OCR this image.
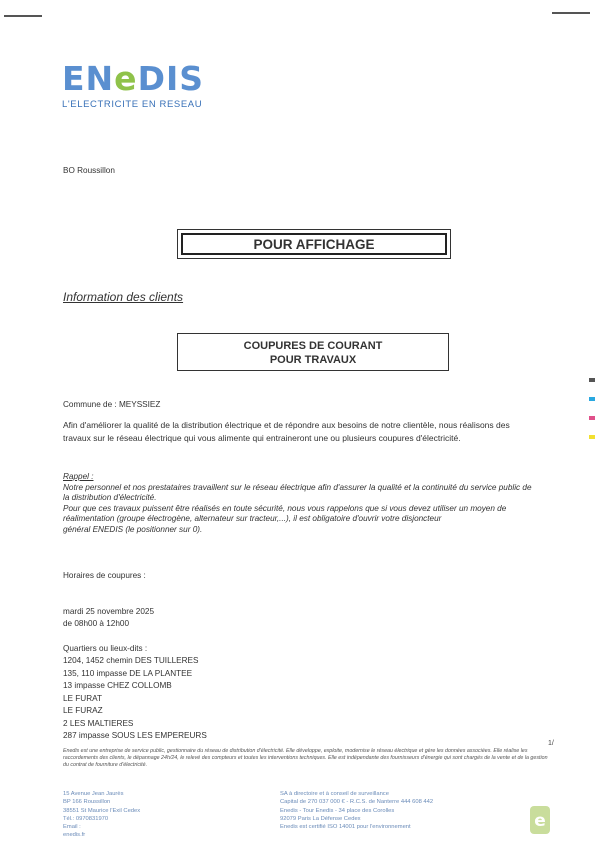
ENeDIS
L'ELECTRICITE EN RESEAU
BO Roussillon
POUR AFFICHAGE
Information des clients
COUPURES DE COURANT
POUR TRAVAUX
Commune de : MEYSSIEZ
Afin d'améliorer la qualité de la distribution électrique et de répondre aux besoins de notre clientèle, nous réalisons des travaux sur le réseau électrique qui vous alimente qui entraineront une ou plusieurs coupures d'électricité.
Rappel :
Notre personnel et nos prestataires travaillent sur le réseau électrique afin d'assurer la qualité et la continuité du service public de la distribution d'électricité.
Pour que ces travaux puissent être réalisés en toute sécurité, nous vous rappelons que si vous devez utiliser un moyen de réalimentation (groupe électrogène, alternateur sur tracteur,...), il est obligatoire d'ouvrir votre disjoncteur
général ENEDIS (le positionner sur 0).
Horaires de coupures :
mardi 25 novembre 2025
de 08h00 à 12h00
Quartiers ou lieux-dits :
1204, 1452 chemin DES TUILLERES
135, 110 impasse DE LA PLANTEE
13 impasse CHEZ COLLOMB
LE FURAT
LE FURAZ
2 LES MALTIERES
287 impasse SOUS LES EMPEREURS
1/
Enedis est une entreprise de service public, gestionnaire du réseau de distribution d'électricité. Elle développe, exploite, modernise le réseau électrique et gère les données associées. Elle réalise les raccordements des clients, le dépannage 24h/24, le relevé des compteurs et toutes les interventions techniques. Elle est indépendante des fournisseurs d'énergie qui sont chargés de la vente et de la gestion du contrat de fourniture d'électricité.
15 Avenue Jean Jaurès
BP 166 Roussillon
38551 St Maurice l'Exil Cedex
Tél.: 0970831970
Email :
enedis.fr
SA à directoire et à conseil de surveillance
Capital de 270 037 000 € - R.C.S. de Nanterre 444 608 442
Enedis - Tour Enedis - 34 place des Corolles
92079 Paris La Défense Cedex
Enedis est certifié ISO 14001 pour l'environnement	e
